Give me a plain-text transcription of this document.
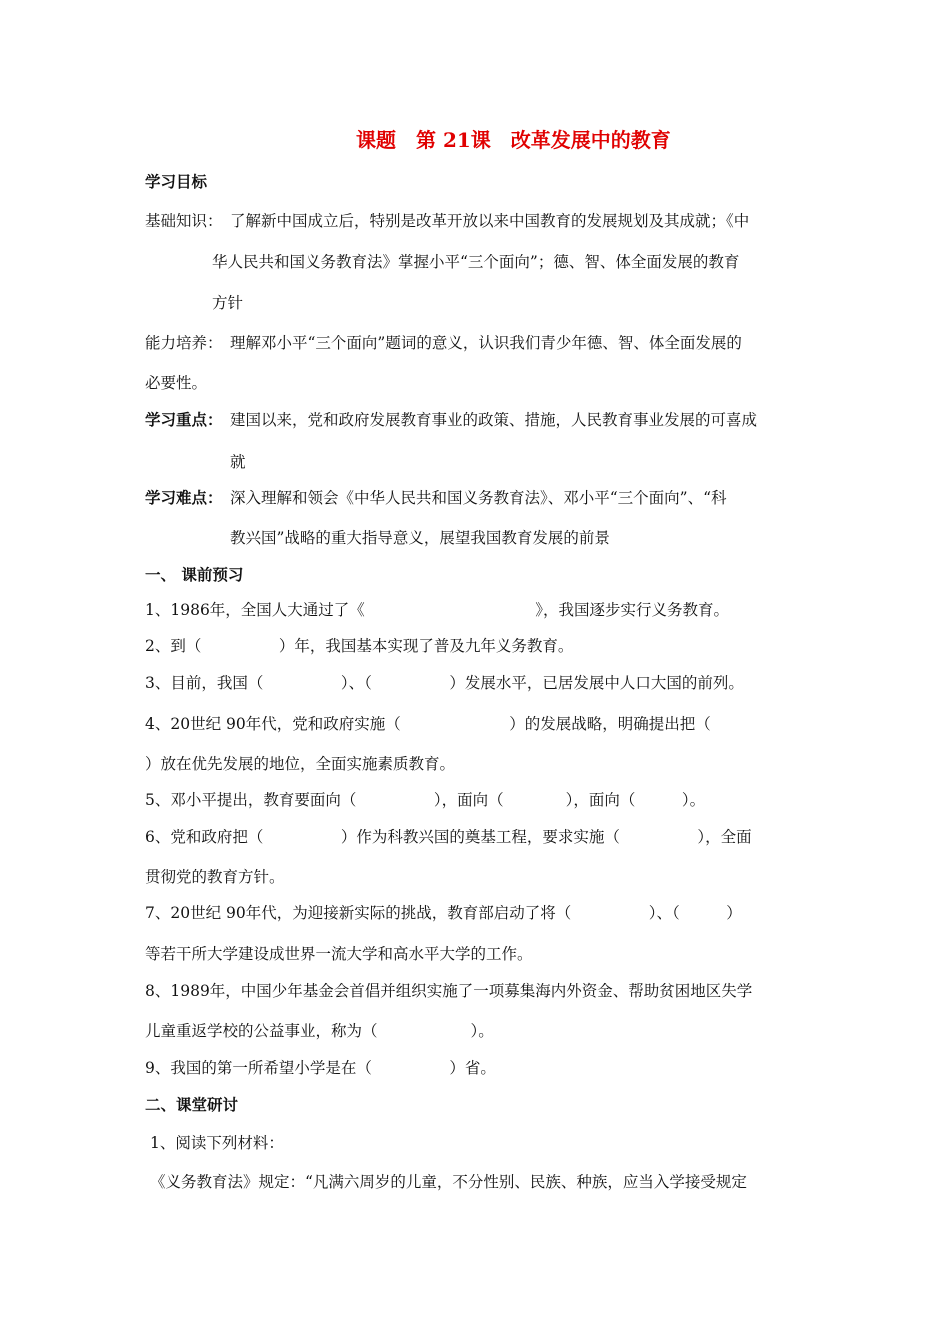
课题　第 21课　改革发展中的教育
学习目标
基础知识： 了解新中国成立后，特别是改革开放以来中国教育的发展规划及其成就；《中
华人民共和国义务教育法》掌握小平“三个面向”；德、智、体全面发展的教育
方针
能力培养： 理解邓小平“三个面向”题词的意义，认识我们青少年德、智、体全面发展的
必要性。
学习重点： 建国以来，党和政府发展教育事业的政策、措施，人民教育事业发展的可喜成
就
学习难点： 深入理解和领会《中华人民共和国义务教育法》、邓小平“三个面向”、“科
教兴国”战略的重大指导意义，展望我国教育发展的前景
一、 课前预习
1、1986年，全国人大通过了《　　　　　　　　　　　》，我国逐步实行义务教育。
2、到（　　　　　）年，我国基本实现了普及九年义务教育。
3、目前，我国（　　　　　）、（　　　　　）发展水平，已居发展中人口大国的前列。
4、20世纪 90年代，党和政府实施（　　　　　　　）的发展战略，明确提出把（
）放在优先发展的地位，全面实施素质教育。
5、邓小平提出，教育要面向（　　　　　），面向（　　　　），面向（　　　）。
6、党和政府把（　　　　　）作为科教兴国的奠基工程，要求实施（　　　　　），全面
贯彻党的教育方针。
7、20世纪 90年代，为迎接新实际的挑战，教育部启动了将（　　　　　）、（　　　）
等若干所大学建设成世界一流大学和高水平大学的工作。
8、1989年，中国少年基金会首倡并组织实施了一项募集海内外资金、帮助贫困地区失学
儿童重返学校的公益事业，称为（　　　　　　）。
9、我国的第一所希望小学是在（　　　　　）省。
二、课堂研讨
1、阅读下列材料：
《义务教育法》规定：“凡满六周岁的儿童，不分性别、民族、种族，应当入学接受规定
